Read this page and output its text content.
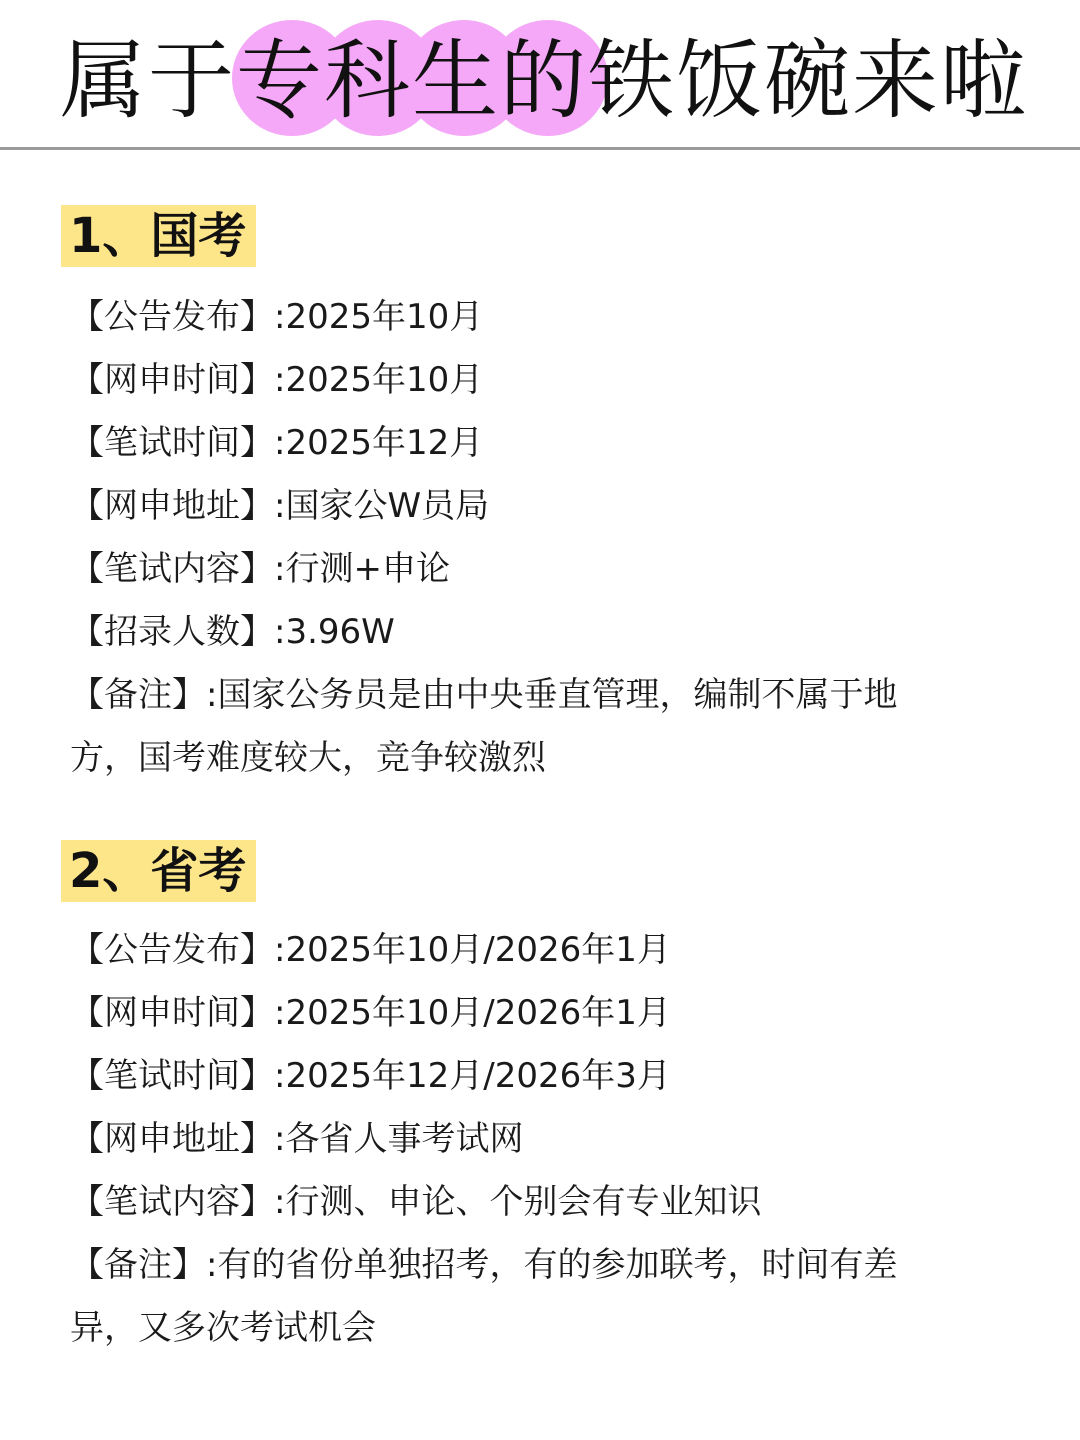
属于专科生的铁饭碗来啦
1、国考
【公告发布】:2025年10月
【网申时间】:2025年10月
【笔试时间】:2025年12月
【网申地址】:国家公W员局
【笔试内容】:行测+申论
【招录人数】:3.96W
【备注】:国家公务员是由中央垂直管理，编制不属于地方，国考难度较大，竞争较激烈
2、省考
【公告发布】:2025年10月/2026年1月
【网申时间】:2025年10月/2026年1月
【笔试时间】:2025年12月/2026年3月
【网申地址】:各省人事考试网
【笔试内容】:行测、申论、个别会有专业知识
【备注】:有的省份单独招考，有的参加联考，时间有差异，又多次考试机会
